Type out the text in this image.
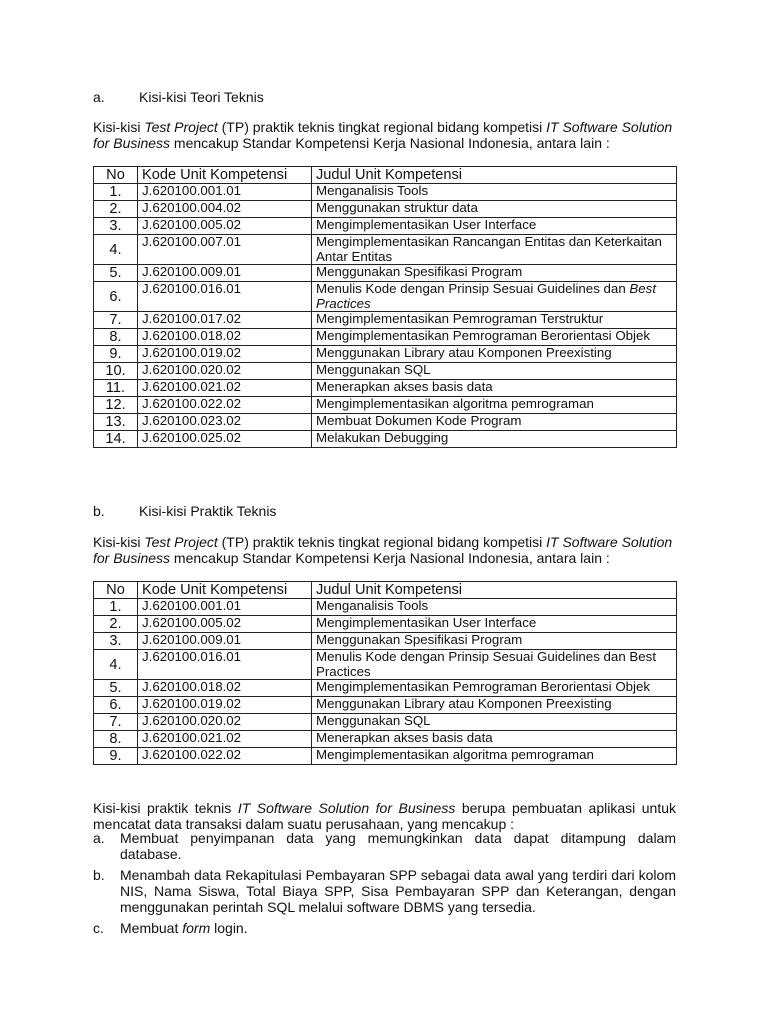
a. Kisi-kisi Teori Teknis
Kisi-kisi Test Project (TP) praktik teknis tingkat regional bidang kompetisi IT Software Solution for Business mencakup Standar Kompetensi Kerja Nasional Indonesia, antara lain :
No	Kode Unit Kompetensi	Judul Unit Kompetensi
1.	J.620100.001.01	Menganalisis Tools
2.	J.620100.004.02	Menggunakan struktur data
3.	J.620100.005.02	Mengimplementasikan User Interface
4.	J.620100.007.01	Mengimplementasikan Rancangan Entitas dan Keterkaitan Antar Entitas
5.	J.620100.009.01	Menggunakan Spesifikasi Program
6.	J.620100.016.01	Menulis Kode dengan Prinsip Sesuai Guidelines dan Best Practices
7.	J.620100.017.02	Mengimplementasikan Pemrograman Terstruktur
8.	J.620100.018.02	Mengimplementasikan Pemrograman Berorientasi Objek
9.	J.620100.019.02	Menggunakan Library atau Komponen Preexisting
10.	J.620100.020.02	Menggunakan SQL
11.	J.620100.021.02	Menerapkan akses basis data
12.	J.620100.022.02	Mengimplementasikan algoritma pemrograman
13.	J.620100.023.02	Membuat Dokumen Kode Program
14.	J.620100.025.02	Melakukan Debugging
b. Kisi-kisi Praktik Teknis
Kisi-kisi Test Project (TP) praktik teknis tingkat regional bidang kompetisi IT Software Solution for Business mencakup Standar Kompetensi Kerja Nasional Indonesia, antara lain :
No	Kode Unit Kompetensi	Judul Unit Kompetensi
1.	J.620100.001.01	Menganalisis Tools
2.	J.620100.005.02	Mengimplementasikan User Interface
3.	J.620100.009.01	Menggunakan Spesifikasi Program
4.	J.620100.016.01	Menulis Kode dengan Prinsip Sesuai Guidelines dan Best Practices
5.	J.620100.018.02	Mengimplementasikan Pemrograman Berorientasi Objek
6.	J.620100.019.02	Menggunakan Library atau Komponen Preexisting
7.	J.620100.020.02	Menggunakan SQL
8.	J.620100.021.02	Menerapkan akses basis data
9.	J.620100.022.02	Mengimplementasikan algoritma pemrograman
Kisi-kisi praktik teknis IT Software Solution for Business berupa pembuatan aplikasi untuk mencatat data transaksi dalam suatu perusahaan, yang mencakup :
a. Membuat penyimpanan data yang memungkinkan data dapat ditampung dalam database.
b. Menambah data Rekapitulasi Pembayaran SPP sebagai data awal yang terdiri dari kolom NIS, Nama Siswa, Total Biaya SPP, Sisa Pembayaran SPP dan Keterangan, dengan menggunakan perintah SQL melalui software DBMS yang tersedia.
c. Membuat form login.
